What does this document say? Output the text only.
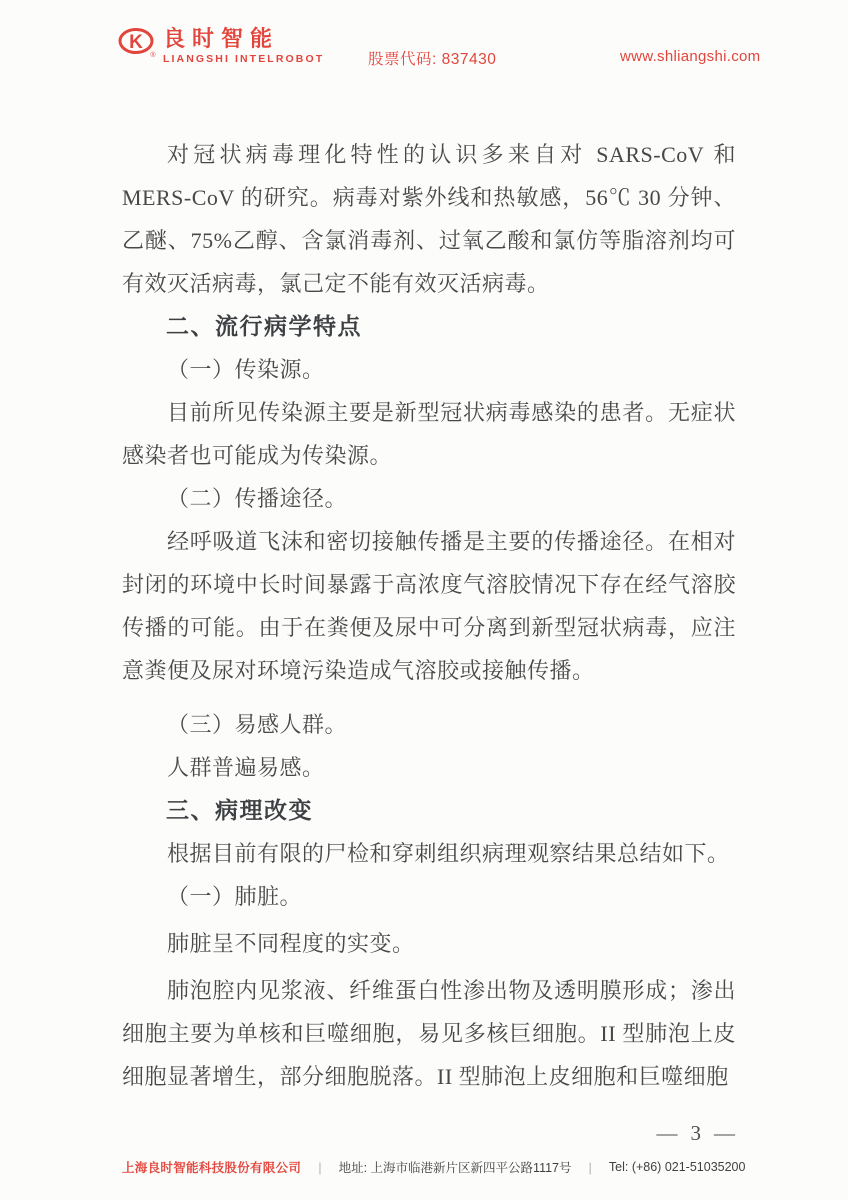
K
®
良时智能
LIANGSHI INTELROBOT	股票代码: 837430	www.shliangshi.com

对冠状病毒理化特性的认识多来自对 SARS-CoV 和 MERS-CoV 的研究。病毒对紫外线和热敏感，56℃ 30 分钟、乙醚、75%乙醇、含氯消毒剂、过氧乙酸和氯仿等脂溶剂均可有效灭活病毒，氯己定不能有效灭活病毒。

二、流行病学特点

（一）传染源。

目前所见传染源主要是新型冠状病毒感染的患者。无症状感染者也可能成为传染源。

（二）传播途径。

经呼吸道飞沫和密切接触传播是主要的传播途径。在相对封闭的环境中长时间暴露于高浓度气溶胶情况下存在经气溶胶传播的可能。由于在粪便及尿中可分离到新型冠状病毒，应注意粪便及尿对环境污染造成气溶胶或接触传播。

（三）易感人群。

人群普遍易感。

三、病理改变

根据目前有限的尸检和穿刺组织病理观察结果总结如下。

（一）肺脏。

肺脏呈不同程度的实变。

肺泡腔内见浆液、纤维蛋白性渗出物及透明膜形成；渗出细胞主要为单核和巨噬细胞，易见多核巨细胞。II 型肺泡上皮细胞显著增生，部分细胞脱落。II 型肺泡上皮细胞和巨噬细胞

— 3 —
上海良时智能科技股份有限公司 | 地址: 上海市临港新片区新四平公路1117号 | Tel: (+86) 021-51035200
